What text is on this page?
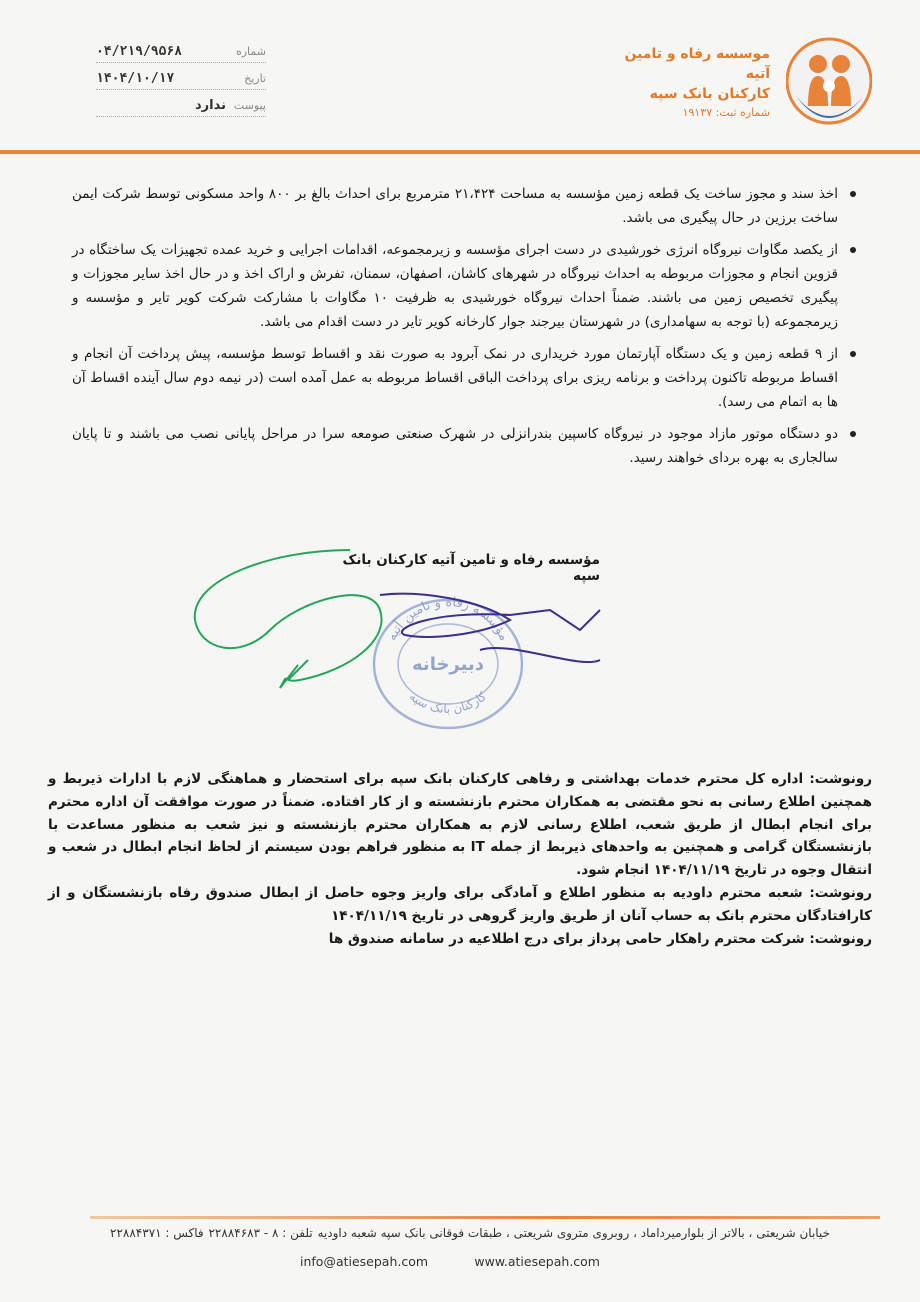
موسسه رفاه و تامین آتیه
کارکنان بانک سپه
شماره ثبت: ۱۹۱۳۷
شماره
۰۴/۲۱۹/۹۵۶۸
تاریخ
۱۴۰۴/۱۰/۱۷
پیوست
ندارد
اخذ سند و مجوز ساخت یک قطعه زمین مؤسسه به مساحت ۲۱،۴۲۴ مترمربع برای احداث بالغ بر ۸۰۰ واحد مسکونی توسط شرکت ایمن ساخت برزین در حال پیگیری می باشد.
از یکصد مگاوات نیروگاه انرژی خورشیدی در دست اجرای مؤسسه و زیرمجموعه، اقدامات اجرایی و خرید عمده تجهیزات یک ساختگاه در قزوین انجام و مجوزات مربوطه به احداث نیروگاه در شهرهای کاشان، اصفهان، سمنان، تفرش و اراک اخذ و در حال اخذ سایر مجوزات و پیگیری تخصیص زمین می باشند. ضمناً احداث نیروگاه خورشیدی به ظرفیت ۱۰ مگاوات با مشارکت شرکت کویر تایر و مؤسسه و زیرمجموعه (با توجه به سهامداری) در شهرستان بیرجند جوار کارخانه کویر تایر در دست اقدام می باشد.
از ۹ قطعه زمین و یک دستگاه آپارتمان مورد خریداری در نمک آبرود به صورت نقد و اقساط توسط مؤسسه، پیش پرداخت آن انجام و اقساط مربوطه تاکنون پرداخت و برنامه ریزی برای پرداخت الباقی اقساط مربوطه به عمل آمده است (در نیمه دوم سال آینده اقساط آن ها به اتمام می رسد).
دو دستگاه موتور مازاد موجود در نیروگاه کاسپین بندرانزلی در شهرک صنعتی صومعه سرا در مراحل پایانی نصب می باشند و تا پایان سالجاری به بهره بردای خواهند رسید.
مؤسسه رفاه و تامین آتیه کارکنان بانک سپه
مؤسسه رفاه و تامین آتیه
دبیرخانه
کارکنان بانک سپه

رونوشت: اداره کل محترم خدمات بهداشتی و رفاهی کارکنان بانک سپه برای استحضار و هماهنگی لازم با ادارات ذیربط و همچنین اطلاع رسانی به نحو مقتضی به همکاران محترم بازنشسته و از کار افتاده. ضمناً در صورت موافقت آن اداره محترم برای انجام ابطال از طریق شعب، اطلاع رسانی لازم به همکاران محترم بازنشسته و نیز شعب به منظور مساعدت با بازنشستگان گرامی و همچنین به واحدهای ذیربط از جمله IT به منظور فراهم بودن سیستم از لحاظ انجام ابطال در شعب و انتقال وجوه در تاریخ ۱۴۰۴/۱۱/۱۹ انجام شود.

رونوشت: شعبه محترم داودیه به منظور اطلاع و آمادگی برای واریز وجوه حاصل از ابطال صندوق رفاه بازنشستگان و از کارافتادگان محترم بانک به حساب آنان از طریق واریز گروهی در تاریخ ۱۴۰۴/۱۱/۱۹

رونوشت: شرکت محترم راهکار حامی پرداز برای درج اطلاعیه در سامانه صندوق ها

خیابان شریعتی ، بالاتر از بلوارمیرداماد ، روبروی متروی شریعتی ، طبقات فوقانی بانک سپه شعبه داودیه
تلفن : ۸ - ۲۲۸۸۴۶۸۳
فاکس : ۲۲۸۸۴۳۷۱
info@atiesepah.com	www.atiesepah.com
